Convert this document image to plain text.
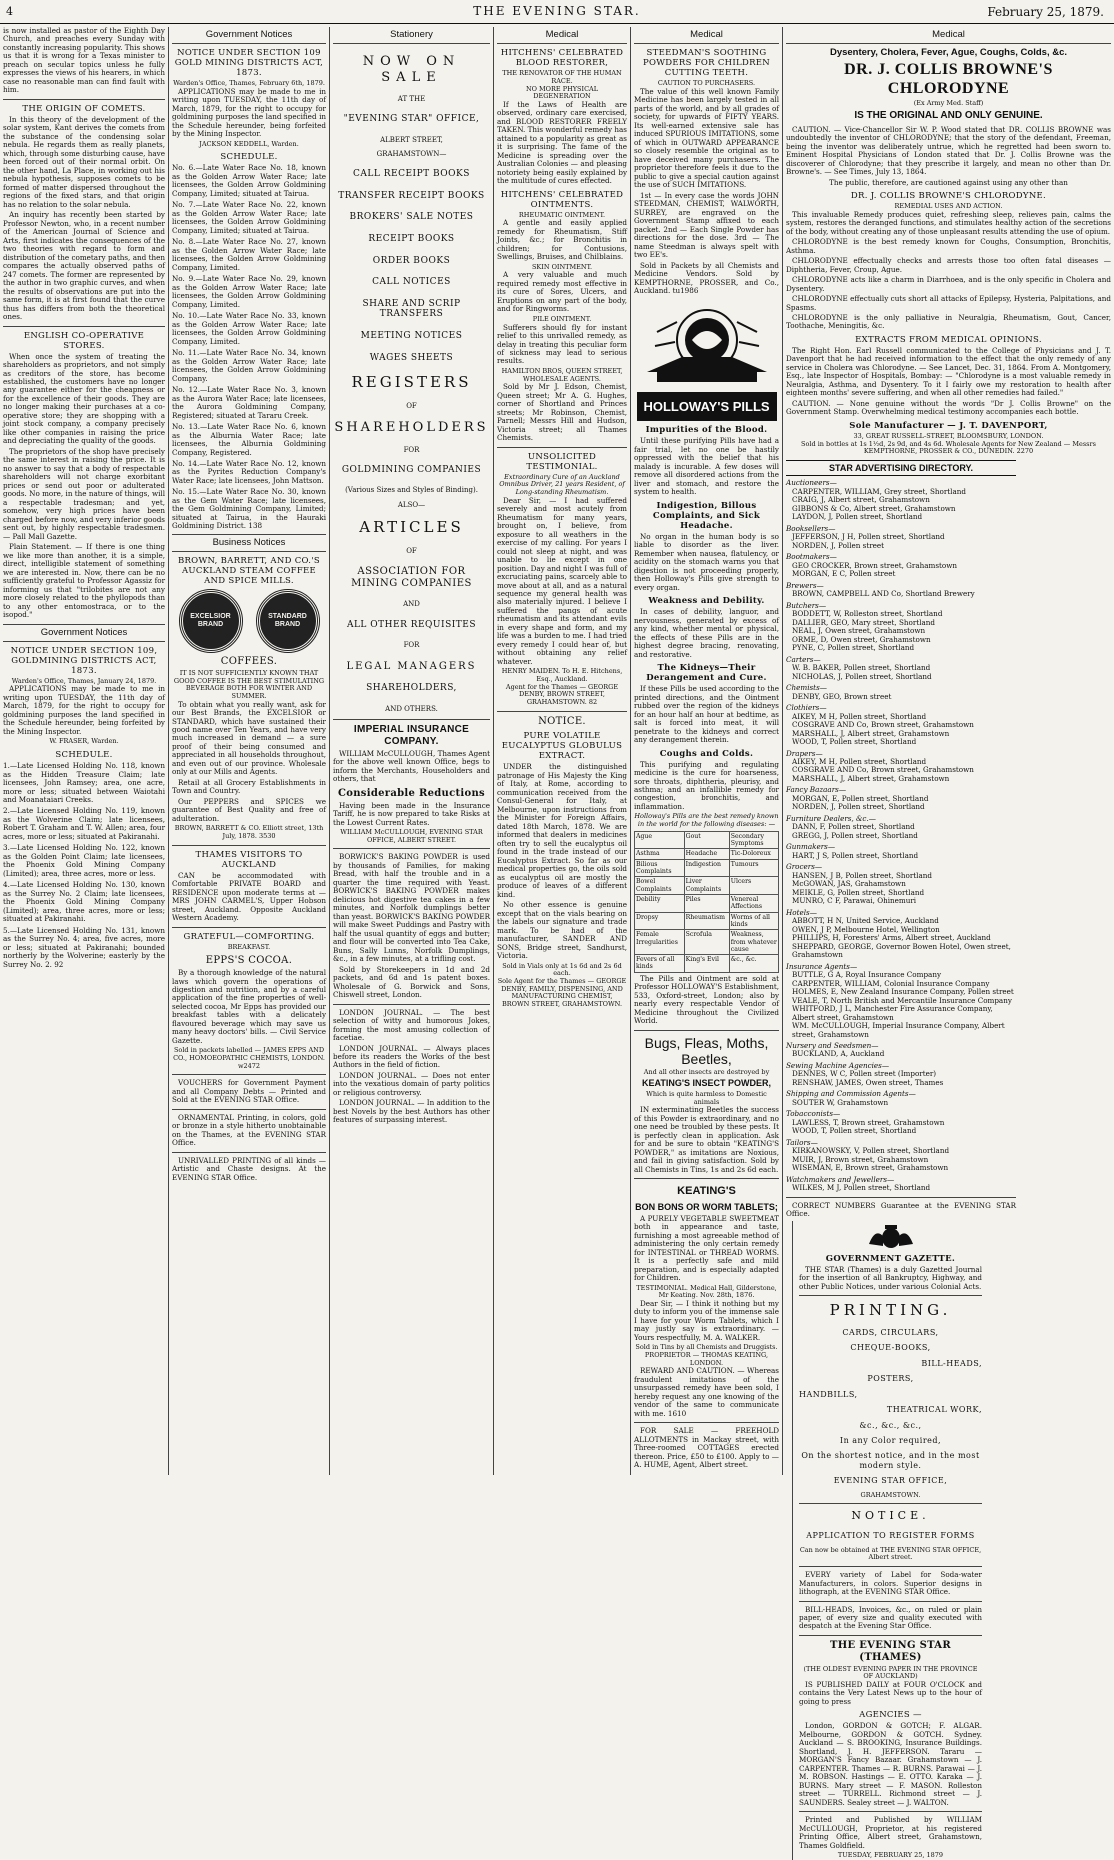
4	THE EVENING STAR.	February 25, 1879.
is now installed as pastor of the Eighth Day Church, and preaches every Sunday with constantly increasing popularity. This shows us that it is wrong for a Texas minister to preach on secular topics unless he fully expresses the views of his hearers, in which case no reasonable man can find fault with him.
THE ORIGIN OF COMETS.
In this theory of the development of the solar system, Kant derives the comets from the substance of the condensing solar nebula. He regards them as really planets, which, through some disturbing cause, have been forced out of their normal orbit. On the other hand, La Place, in working out his nebula hypothesis, supposes comets to be formed of matter dispersed throughout the regions of the fixed stars, and that origin has no relation to the solar nebula.
An inquiry has recently been started by Professor Newton, who, in a recent number of the American Journal of Science and Arts, first indicates the consequences of the two theories with regard to form and distribution of the cometary paths, and then compares the actually observed paths of 247 comets. The former are represented by the author in two graphic curves, and when the results of observations are put into the same form, it is at first found that the curve thus has differs from both the theoretical ones.
ENGLISH CO-OPERATIVE STORES.
When once the system of treating the shareholders as proprietors, and not simply as creditors of the store, has become established, the customers have no longer any guarantee either for the cheapness or for the excellence of their goods. They are no longer making their purchases at a co-operative store; they are shopping with a joint stock company, a company precisely like other companies in raising the price and depreciating the quality of the goods.
The proprietors of the shop have precisely the same interest in raising the price. It is no answer to say that a body of respectable shareholders will not charge exorbitant prices or send out poor or adulterated goods. No more, in the nature of things, will a respectable tradesman; and yet, somehow, very high prices have been charged before now, and very inferior goods sent out, by highly respectable tradesmen. — Pall Mall Gazette.
Plain Statement. — If there is one thing we like more than another, it is a simple, direct, intelligible statement of something we are interested in. Now, there can be no sufficiently grateful to Professor Agassiz for informing us that "trilobites are not any more closely related to the phyllopods than to any other entomostraca, or to the isopod."
Government Notices
NOTICE UNDER SECTION 109, GOLDMINING DISTRICTS ACT, 1873.
Warden's Office, Thames, January 24, 1879.
APPLICATIONS may be made to me in writing upon TUESDAY, the 11th day of March, 1879, for the right to occupy for goldmining purposes the land specified in the Schedule hereunder, being forfeited by the Mining Inspector.
W. FRASER, Warden.
SCHEDULE.
1.—Late Licensed Holding No. 118, known as the Hidden Treasure Claim; late licensees, John Ramsey; area, one acre, more or less; situated between Waiotahi and Moanataiari Creeks.
2.—Late Licensed Holding No. 119, known as the Wolverine Claim; late licensees, Robert T. Graham and T. W. Allen; area, four acres, more or less; situated at Pakiranahi.
3.—Late Licensed Holding No. 122, known as the Golden Point Claim; late licensees, the Phoenix Gold Mining Company (Limited); area, three acres, more or less.
4.—Late Licensed Holding No. 130, known as the Surrey No. 2 Claim; late licensees, the Phoenix Gold Mining Company (Limited); area, three acres, more or less; situated at Pakiranahi.
5.—Late Licensed Holding No. 131, known as the Surrey No. 4; area, five acres, more or less; situated at Pakiranahi; bounded northerly by the Wolverine; easterly by the Surrey No. 2. 92
Government Notices
NOTICE UNDER SECTION 109 GOLD MINING DISTRICTS ACT, 1873.
Warden's Office, Thames, February 6th, 1879.
APPLICATIONS may be made to me in writing upon TUESDAY, the 11th day of March, 1879, for the right to occupy for goldmining purposes the land specified in the Schedule hereunder, being forfeited by the Mining Inspector.
JACKSON KEDDELL, Warden.
SCHEDULE.
No. 6.—Late Water Race No. 18, known as the Golden Arrow Water Race; late licensees, the Golden Arrow Goldmining Company, Limited; situated at Tairua.
No. 7.—Late Water Race No. 22, known as the Golden Arrow Water Race; late licensees, the Golden Arrow Goldmining Company, Limited; situated at Tairua.
No. 8.—Late Water Race No. 27, known as the Golden Arrow Water Race; late licensees, the Golden Arrow Goldmining Company, Limited.
No. 9.—Late Water Race No. 29, known as the Golden Arrow Water Race; late licensees, the Golden Arrow Goldmining Company, Limited.
No. 10.—Late Water Race No. 33, known as the Golden Arrow Water Race; late licensees, the Golden Arrow Goldmining Company, Limited.
No. 11.—Late Water Race No. 34, known as the Golden Arrow Water Race; late licensees, the Golden Arrow Goldmining Company.
No. 12.—Late Water Race No. 3, known as the Aurora Water Race; late licensees, the Aurora Goldmining Company, Registered; situated at Tararu Creek.
No. 13.—Late Water Race No. 6, known as the Alburnia Water Race; late licensees, the Alburnia Goldmining Company, Registered.
No. 14.—Late Water Race No. 12, known as the Pyrites Reduction Company's Water Race; late licensees, John Mattson.
No. 15.—Late Water Race No. 30, known as the Gem Water Race; late licensees, the Gem Goldmining Company, Limited; situated at Tairua, in the Hauraki Goldmining District. 138
Business Notices
BROWN, BARRETT, AND CO.'S AUCKLAND STEAM COFFEE AND SPICE MILLS.
EXCELSIOR BRAND
STANDARD BRAND
COFFEES.
IT IS NOT SUFFICIENTLY KNOWN THAT GOOD COFFEE IS THE BEST STIMULATING BEVERAGE BOTH FOR WINTER AND SUMMER.
To obtain what you really want, ask for our Best Brands, the EXCELSIOR or STANDARD, which have sustained their good name over Ten Years, and have very much increased in demand — a sure proof of their being consumed and appreciated in all households throughout, and even out of our province. Wholesale only at our Mills and Agents.
Retail at all Grocery Establishments in Town and Country.
Our PEPPERS and SPICES we guarantee of Best Quality and free of adulteration.
BROWN, BARRETT & CO. Elliott street, 13th July, 1878. 3530
THAMES VISITORS TO AUCKLAND
CAN be accommodated with Comfortable PRIVATE BOARD and RESIDENCE upon moderate terms at — MRS JOHN CARMEL'S, Upper Hobson street, Auckland. Opposite Auckland Western Academy.
GRATEFUL—COMFORTING.
BREAKFAST.
EPPS'S COCOA.
By a thorough knowledge of the natural laws which govern the operations of digestion and nutrition, and by a careful application of the fine properties of well-selected cocoa, Mr Epps has provided our breakfast tables with a delicately flavoured beverage which may save us many heavy doctors' bills. — Civil Service Gazette.
Sold in packets labelled — JAMES EPPS AND CO., HOMOEOPATHIC CHEMISTS, LONDON. w2472
VOUCHERS for Government Payment and all Company Debts — Printed and Sold at the EVENING STAR Office.
ORNAMENTAL Printing, in colors, gold or bronze in a style hitherto unobtainable on the Thames, at the EVENING STAR Office.
UNRIVALLED PRINTING of all kinds — Artistic and Chaste designs. At the EVENING STAR Office.
Stationery
NOW ON SALE
AT THE
"EVENING STAR" OFFICE,
ALBERT STREET,
GRAHAMSTOWN—
CALL RECEIPT BOOKS
TRANSFER RECEIPT BOOKS
BROKERS' SALE NOTES
RECEIPT BOOKS
ORDER BOOKS
CALL NOTICES
SHARE AND SCRIP TRANSFERS
MEETING NOTICES
WAGES SHEETS
REGISTERS
OF
SHAREHOLDERS
FOR
GOLDMINING COMPANIES
(Various Sizes and Styles of Binding).
ALSO—
ARTICLES
OF
ASSOCIATION FOR MINING COMPANIES
AND
ALL OTHER REQUISITES
FOR
LEGAL MANAGERS
SHAREHOLDERS,
AND OTHERS.
IMPERIAL INSURANCE COMPANY.
WILLIAM McCULLOUGH, Thames Agent for the above well known Office, begs to inform the Merchants, Householders and others, that
Considerable Reductions
Having been made in the Insurance Tariff, he is now prepared to take Risks at the Lowest Current Rates.
WILLIAM McCULLOUGH, EVENING STAR OFFICE, ALBERT STREET.
BORWICK'S BAKING POWDER is used by thousands of Families, for making Bread, with half the trouble and in a quarter the time required with Yeast. BORWICK'S BAKING POWDER makes delicious hot digestive tea cakes in a few minutes, and Norfolk dumplings better than yeast. BORWICK'S BAKING POWDER will make Sweet Puddings and Pastry with half the usual quantity of eggs and butter; and flour will be converted into Tea Cake, Buns, Sally Lunns, Norfolk Dumplings, &c., in a few minutes, at a trifling cost.
Sold by Storekeepers in 1d and 2d packets, and 6d and 1s patent boxes. Wholesale of G. Borwick and Sons, Chiswell street, London.
LONDON JOURNAL. — The best selection of witty and humorous Jokes, forming the most amusing collection of facetiae.
LONDON JOURNAL. — Always places before its readers the Works of the best Authors in the field of fiction.
LONDON JOURNAL. — Does not enter into the vexatious domain of party politics or religious controversy.
LONDON JOURNAL. — In addition to the best Novels by the best Authors has other features of surpassing interest.
Medical
HITCHENS' CELEBRATED BLOOD RESTORER,
THE RENOVATOR OF THE HUMAN RACE.
NO MORE PHYSICAL DEGENERATION
If the Laws of Health are observed, ordinary care exercised, and BLOOD RESTORER FREELY TAKEN. This wonderful remedy has attained to a popularity as great as it is surprising. The fame of the Medicine is spreading over the Australian Colonies — and pleasing notoriety being easily explained by the multitude of cures effected.
HITCHENS' CELEBRATED OINTMENTS.
RHEUMATIC OINTMENT.
A gentle and easily applied remedy for Rheumatism, Stiff Joints, &c.; for Bronchitis in children; for Contusions, Swellings, Bruises, and Chilblains.
SKIN OINTMENT.
A very valuable and much required remedy most effective in its cure of Sores, Ulcers, and Eruptions on any part of the body, and for Ringworms.
PILE OINTMENT.
Sufferers should fly for instant relief to this unrivalled remedy, as delay in treating this peculiar form of sickness may lead to serious results.
HAMILTON BROS, QUEEN STREET, WHOLESALE AGENTS.
Sold by Mr J. Edson, Chemist, Queen street; Mr A. G. Hughes, corner of Shortland and Princes streets; Mr Robinson, Chemist, Parnell; Messrs Hill and Hudson, Victoria street; all Thames Chemists.
UNSOLICITED TESTIMONIAL.
Extraordinary Cure of an Auckland Omnibus Driver, 21 years Resident, of Long-standing Rheumatism.
Dear Sir, — I had suffered severely and most acutely from Rheumatism for many years, brought on, I believe, from exposure to all weathers in the exercise of my calling. For years I could not sleep at night, and was unable to lie except in one position. Day and night I was full of excruciating pains, scarcely able to move about at all, and as a natural sequence my general health was also materially injured. I believe I suffered the pangs of acute rheumatism and its attendant evils in every shape and form, and my life was a burden to me. I had tried every remedy I could hear of, but without obtaining any relief whatever.
HENRY MAIDEN. To H. E. Hitchens, Esq., Auckland.
Agent for the Thames — GEORGE DENBY, BROWN STREET, GRAHAMSTOWN. 82
NOTICE.
PURE VOLATILE EUCALYPTUS GLOBULUS EXTRACT.
UNDER the distinguished patronage of His Majesty the King of Italy, at Rome, according to communication received from the Consul-General for Italy, at Melbourne, upon instructions from the Minister for Foreign Affairs, dated 18th March, 1878. We are informed that dealers in medicines often try to sell the eucalyptus oil found in the trade instead of our Eucalyptus Extract. So far as our medical properties go, the oils sold as eucalyptus oil are mostly the produce of leaves of a different kind.
No other essence is genuine except that on the vials bearing on the labels our signature and trade mark. To be had of the manufacturer, SANDER AND SONS, Bridge street, Sandhurst, Victoria.
Sold in Vials only at 1s 6d and 2s 6d each.
Sole Agent for the Thames — GEORGE DENBY, FAMILY, DISPENSING, AND MANUFACTURING CHEMIST, BROWN STREET, GRAHAMSTOWN.
Medical
STEEDMAN'S SOOTHING POWDERS FOR CHILDREN CUTTING TEETH.
CAUTION TO PURCHASERS.
The value of this well known Family Medicine has been largely tested in all parts of the world, and by all grades of society, for upwards of FIFTY YEARS. Its well-earned extensive sale has induced SPURIOUS IMITATIONS, some of which in OUTWARD APPEARANCE so closely resemble the original as to have deceived many purchasers. The proprietor therefore feels it due to the public to give a special caution against the use of SUCH IMITATIONS.
1st — In every case the words JOHN STEEDMAN, CHEMIST, WALWORTH, SURREY, are engraved on the Government Stamp affixed to each packet. 2nd — Each Single Powder has directions for the dose. 3rd — The name Steedman is always spelt with two EE's.
Sold in Packets by all Chemists and Medicine Vendors. Sold by KEMPTHORNE, PROSSER, and Co., Auckland. tu1986
HOLLOWAY'S PILLS
Impurities of the Blood.
Until these purifying Pills have had a fair trial, let no one be hastily oppressed with the belief that his malady is incurable. A few doses will remove all disordered actions from the liver and stomach, and restore the system to health.
Indigestion, Billous Complaints, and Sick Headache.
No organ in the human body is so liable to disorder as the liver. Remember when nausea, flatulency, or acidity on the stomach warns you that digestion is not proceeding properly, then Holloway's Pills give strength to every organ.
Weakness and Debility.
In cases of debility, languor, and nervousness, generated by excess of any kind, whether mental or physical, the effects of these Pills are in the highest degree bracing, renovating, and restorative.
The Kidneys—Their Derangement and Cure.
If these Pills be used according to the printed directions, and the Ointment rubbed over the region of the kidneys for an hour half an hour at bedtime, as salt is forced into meat, it will penetrate to the kidneys and correct any derangement therein.
Coughs and Colds.
This purifying and regulating medicine is the cure for hoarseness, sore throats, diphtheria, pleurisy, and asthma; and an infallible remedy for congestion, bronchitis, and inflammation.
Holloway's Pills are the best remedy known in the world for the following diseases: —
Ague	Gout	Secondary Symptoms
Asthma	Headache	Tic-Doloreux
Bilious Complaints	Indigestion	Tumours
Bowel Complaints	Liver Complaints	Ulcers
Debility	Piles	Venereal Affections
Dropsy	Rheumatism	Worms of all kinds
Female Irregularities	Scrofula	Weakness, from whatever cause
Fevers of all kinds	King's Evil	&c., &c.
The Pills and Ointment are sold at Professor HOLLOWAY'S Establishment, 533, Oxford-street, London; also by nearly every respectable Vendor of Medicine throughout the Civilized World.
Bugs, Fleas, Moths, Beetles,
And all other insects are destroyed by
KEATING'S INSECT POWDER,
Which is quite harmless to Domestic animals
IN exterminating Beetles the success of this Powder is extraordinary, and no one need be troubled by these pests. It is perfectly clean in application. Ask for and be sure to obtain "KEATING'S POWDER," as imitations are Noxious, and fail in giving satisfaction. Sold by all Chemists in Tins, 1s and 2s 6d each.
KEATING'S
BON BONS OR WORM TABLETS;
A PURELY VEGETABLE SWEETMEAT both in appearance and taste, furnishing a most agreeable method of administering the only certain remedy for INTESTINAL or THREAD WORMS. It is a perfectly safe and mild preparation, and is especially adapted for Children.
TESTIMONIAL. Medical Hall, Gilderstone, Mr Keating. Nov. 28th, 1876.
Dear Sir, — I think it nothing but my duty to inform you of the immense sale I have for your Worm Tablets, which I may justly say is extraordinary. — Yours respectfully, M. A. WALKER.
Sold in Tins by all Chemists and Druggists.
PROPRIETOR — THOMAS KEATING, LONDON.
REWARD AND CAUTION. — Whereas fraudulent imitations of the unsurpassed remedy have been sold, I hereby request any one knowing of the vendor of the same to communicate with me. 1610
FOR SALE — FREEHOLD ALLOTMENTS in Mackay street, with Three-roomed COTTAGES erected thereon. Price, £50 to £100. Apply to — A. HUME, Agent, Albert street.
Medical
Dysentery, Cholera, Fever, Ague, Coughs, Colds, &c.
DR. J. COLLIS BROWNE'S CHLORODYNE
(Ex Army Med. Staff)
IS THE ORIGINAL AND ONLY GENUINE.
CAUTION. — Vice-Chancellor Sir W. P. Wood stated that DR. COLLIS BROWNE was undoubtedly the inventor of CHLORODYNE; that the story of the defendant, Freeman, being the inventor was deliberately untrue, which he regretted had been sworn to. Eminent Hospital Physicians of London stated that Dr. J. Collis Browne was the discoverer of Chlorodyne; that they prescribe it largely, and mean no other than Dr. Browne's. — See Times, July 13, 1864.
The public, therefore, are cautioned against using any other than
DR. J. COLLIS BROWNE'S CHLORODYNE.
REMEDIAL USES AND ACTION.
This invaluable Remedy produces quiet, refreshing sleep, relieves pain, calms the system, restores the deranged functions, and stimulates healthy action of the secretions of the body, without creating any of those unpleasant results attending the use of opium.
CHLORODYNE is the best remedy known for Coughs, Consumption, Bronchitis, Asthma.
CHLORODYNE effectually checks and arrests those too often fatal diseases — Diphtheria, Fever, Croup, Ague.
CHLORODYNE acts like a charm in Diarrhoea, and is the only specific in Cholera and Dysentery.
CHLORODYNE effectually cuts short all attacks of Epilepsy, Hysteria, Palpitations, and Spasms.
CHLORODYNE is the only palliative in Neuralgia, Rheumatism, Gout, Cancer, Toothache, Meningitis, &c.
EXTRACTS FROM MEDICAL OPINIONS.
The Right Hon. Earl Russell communicated to the College of Physicians and J. T. Davenport that he had received information to the effect that the only remedy of any service in Cholera was Chlorodyne. — See Lancet, Dec. 31, 1864. From A. Montgomery, Esq., late Inspector of Hospitals, Bombay: — "Chlorodyne is a most valuable remedy in Neuralgia, Asthma, and Dysentery. To it I fairly owe my restoration to health after eighteen months' severe suffering, and when all other remedies had failed."
CAUTION. — None genuine without the words "Dr J. Collis Browne" on the Government Stamp. Overwhelming medical testimony accompanies each bottle.
Sole Manufacturer — J. T. DAVENPORT,
33, GREAT RUSSELL-STREET, BLOOMSBURY, LONDON.
Sold in bottles at 1s 1½d, 2s 9d, and 4s 6d. Wholesale Agents for New Zealand — Messrs KEMPTHORNE, PROSSER & CO., DUNEDIN. 2270
STAR ADVERTISING DIRECTORY.
Auctioneers—
CARPENTER, WILLIAM, Grey street, Shortland
CRAIG, J, Albert street, Grahamstown
GIBBONS & Co, Albert street, Grahamstown
LAYDON, J, Pollen street, Shortland
Booksellers—
JEFFERSON, J H, Pollen street, Shortland
NORDEN, J, Pollen street
Bootmakers—
GEO CROCKER, Brown street, Grahamstown
MORGAN, E C, Pollen street
Brewers—
BROWN, CAMPBELL AND Co, Shortland Brewery
Butchers—
BODDETT, W, Rolleston street, Shortland
DALLIER, GEO, Mary street, Shortland
NEAL, J, Owen street, Grahamstown
ORME, D, Owen street, Grahamstown
PYNE, C, Pollen street, Shortland
Carters—
W. B. BAKER, Pollen street, Shortland
NICHOLAS, J, Pollen street, Shortland
Chemists—
DENBY, GEO, Brown street
Clothiers—
AIKEY, M H, Pollen street, Shortland
COSGRAVE AND Co, Brown street, Grahamstown
MARSHALL, J, Albert street, Grahamstown
WOOD, T, Pollen street, Shortland
Drapers—
AIKEY, M H, Pollen street, Shortland
COSGRAVE AND Co, Brown street, Grahamstown
MARSHALL, J, Albert street, Grahamstown
Fancy Bazaars—
MORGAN, E, Pollen street, Shortland
NORDEN, J, Pollen street, Shortland
Furniture Dealers, &c.—
DANN, F, Pollen street, Shortland
GREGG, J, Pollen street, Shortland
Gunmakers—
HART, J S, Pollen street, Shortland
Grocers—
HANSEN, J B, Pollen street, Shortland
McGOWAN, JAS, Grahamstown
MEIKLE, G, Pollen street, Shortland
MUNRO, C F, Parawai, Ohinemuri
Hotels—
ABBOTT, H N, United Service, Auckland
OWEN, J P, Melbourne Hotel, Wellington
PHILLIPS, H, Foresters' Arms, Albert street, Auckland
SHEPPARD, GEORGE, Governor Bowen Hotel, Owen street, Grahamstown
Insurance Agents—
BUTTLE, G A, Royal Insurance Company
CARPENTER, WILLIAM, Colonial Insurance Company
HOLMES, E, New Zealand Insurance Company, Pollen street
VEALE, T, North British and Mercantile Insurance Company
WHITFORD, J L, Manchester Fire Assurance Company, Albert street, Grahamstown
WM. McCULLOUGH, Imperial Insurance Company, Albert street, Grahamstown
Nursery and Seedsmen—
BUCKLAND, A, Auckland
Sewing Machine Agencies—
DENNES, W C, Pollen street (Importer)
RENSHAW, JAMES, Owen street, Thames
Shipping and Commission Agents—
SOUTER W, Grahamstown
Tobacconists—
LAWLESS, T, Brown street, Grahamstown
WOOD, T, Pollen street, Shortland
Tailors—
KIRKANOWSKY, V, Pollen street, Shortland
MUIR, J, Brown street, Grahamstown
WISEMAN, E, Brown street, Grahamstown
Watchmakers and Jewellers—
WILKES, M J, Pollen street, Shortland
CORRECT NUMBERS Guarantee at the EVENING STAR Office.
GOVERNMENT GAZETTE.
THE STAR (Thames) is a duly Gazetted Journal for the insertion of all Bankruptcy, Highway, and other Public Notices, under various Colonial Acts.
PRINTING.
CARDS, CIRCULARS,
CHEQUE-BOOKS,
BILL-HEADS,
POSTERS,
HANDBILLS,
THEATRICAL WORK,
&c., &c., &c.,
In any Color required,
On the shortest notice, and in the most modern style.
EVENING STAR OFFICE,
GRAHAMSTOWN.
NOTICE.
APPLICATION TO REGISTER FORMS
Can now be obtained at THE EVENING STAR OFFICE, Albert street.
EVERY variety of Label for Soda-water Manufacturers, in colors. Superior designs in lithograph, at the EVENING STAR Office.
BILL-HEADS, Invoices, &c., on ruled or plain paper, of every size and quality executed with despatch at the Evening Star Office.
THE EVENING STAR (THAMES)
(THE OLDEST EVENING PAPER IN THE PROVINCE OF AUCKLAND)
IS PUBLISHED DAILY at FOUR O'CLOCK and contains the Very Latest News up to the hour of going to press
AGENCIES —
London, GORDON & GOTCH; F. ALGAR. Melbourne, GORDON & GOTCH. Sydney. Auckland — S. BROOKING, Insurance Buildings. Shortland, J. H. JEFFERSON. Tararu — MORGAN'S Fancy Bazaar. Grahamstown — J. CARPENTER. Thames — R. BURNS. Parawai — J. M. ROBSON. Hastings — E. OTTO. Karaka — J. BURNS. Mary street — F. MASON. Rolleston street — TURRELL. Richmond street — J. SAUNDERS. Sealey street — J. WALTON.
Printed and Published by WILLIAM McCULLOUGH, Proprietor, at his registered Printing Office, Albert street, Grahamstown, Thames Goldfield.
TUESDAY, FEBRUARY 25, 1879
